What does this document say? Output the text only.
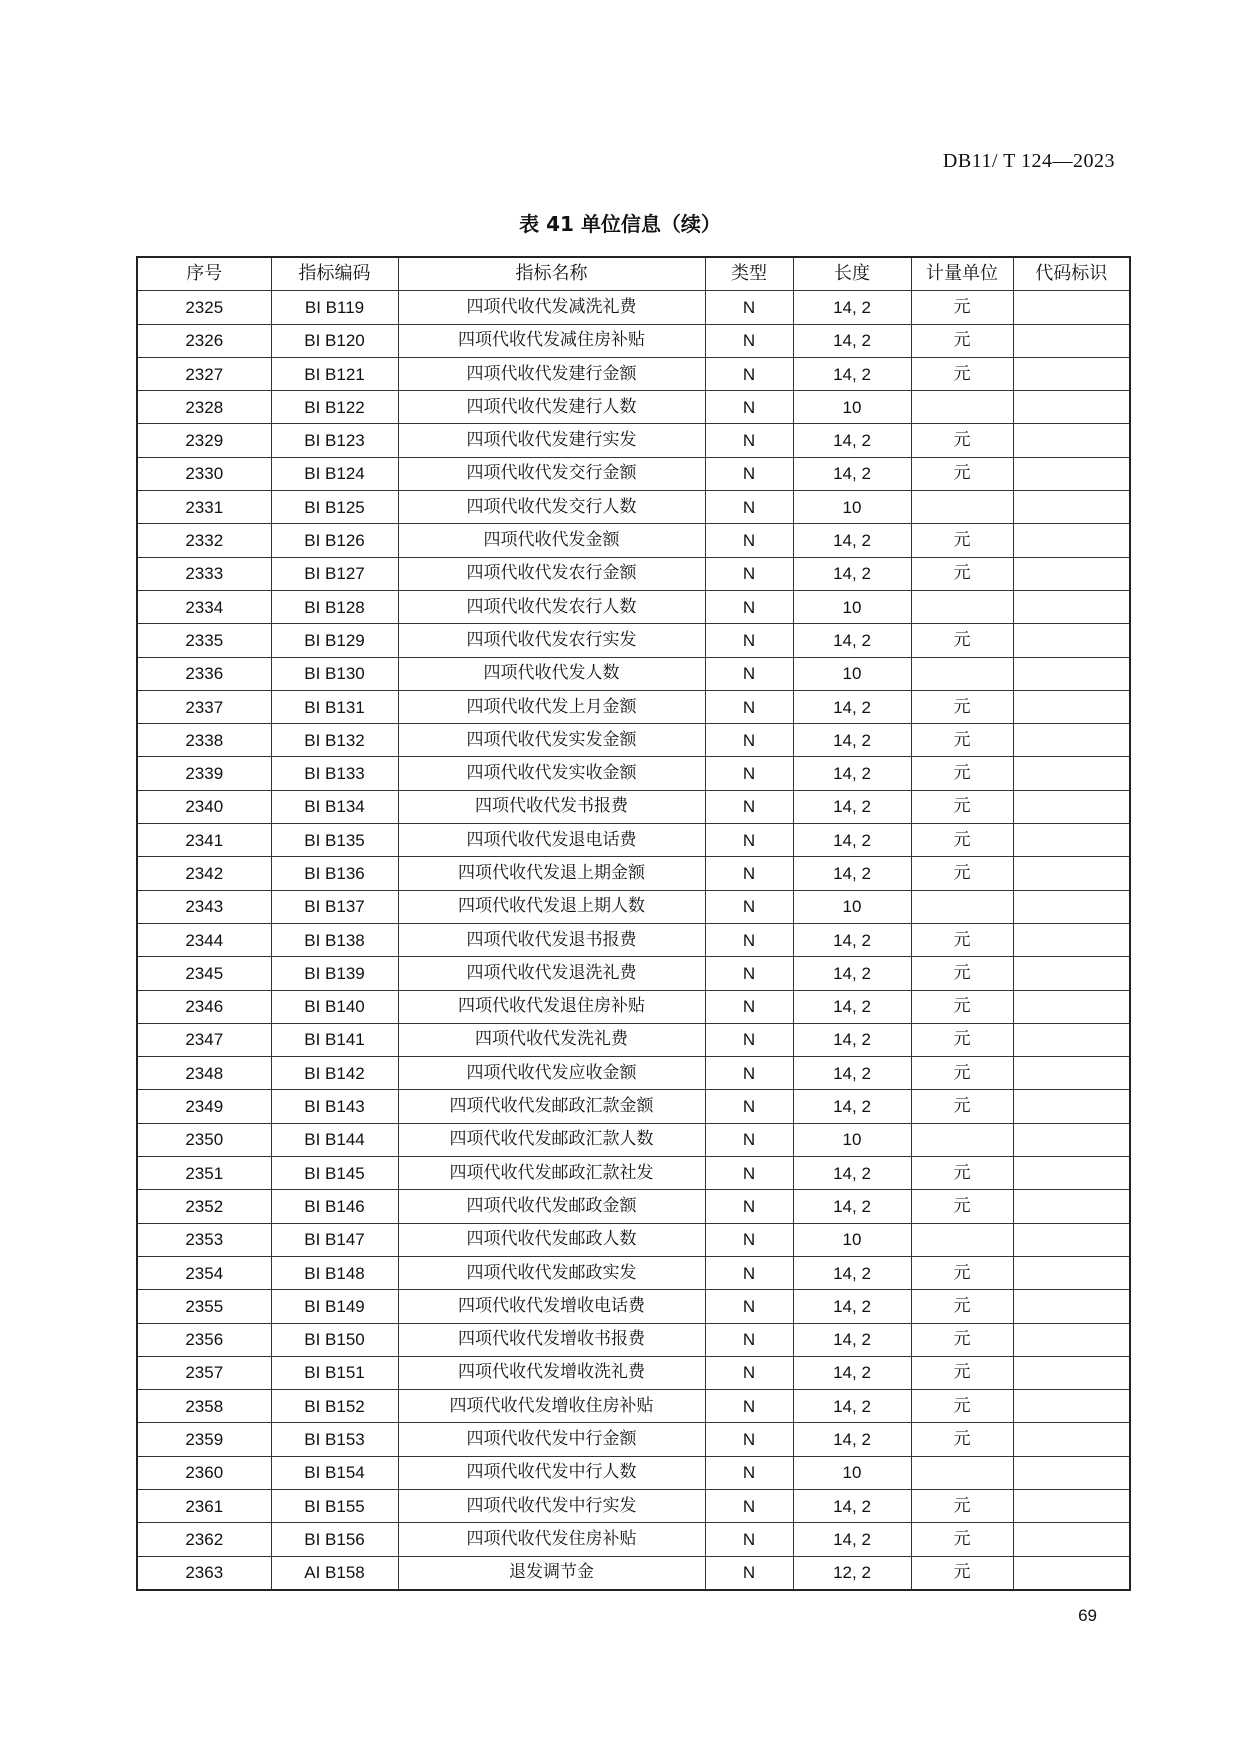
DB11/ T 124—2023
表 41 单位信息（续）
序号	指标编码	指标名称	类型	长度	计量单位	代码标识
2325	BI B119	四项代收代发减洗礼费	N	14, 2	元	
2326	BI B120	四项代收代发减住房补贴	N	14, 2	元	
2327	BI B121	四项代收代发建行金额	N	14, 2	元	
2328	BI B122	四项代收代发建行人数	N	10		
2329	BI B123	四项代收代发建行实发	N	14, 2	元	
2330	BI B124	四项代收代发交行金额	N	14, 2	元	
2331	BI B125	四项代收代发交行人数	N	10		
2332	BI B126	四项代收代发金额	N	14, 2	元	
2333	BI B127	四项代收代发农行金额	N	14, 2	元	
2334	BI B128	四项代收代发农行人数	N	10		
2335	BI B129	四项代收代发农行实发	N	14, 2	元	
2336	BI B130	四项代收代发人数	N	10		
2337	BI B131	四项代收代发上月金额	N	14, 2	元	
2338	BI B132	四项代收代发实发金额	N	14, 2	元	
2339	BI B133	四项代收代发实收金额	N	14, 2	元	
2340	BI B134	四项代收代发书报费	N	14, 2	元	
2341	BI B135	四项代收代发退电话费	N	14, 2	元	
2342	BI B136	四项代收代发退上期金额	N	14, 2	元	
2343	BI B137	四项代收代发退上期人数	N	10		
2344	BI B138	四项代收代发退书报费	N	14, 2	元	
2345	BI B139	四项代收代发退洗礼费	N	14, 2	元	
2346	BI B140	四项代收代发退住房补贴	N	14, 2	元	
2347	BI B141	四项代收代发洗礼费	N	14, 2	元	
2348	BI B142	四项代收代发应收金额	N	14, 2	元	
2349	BI B143	四项代收代发邮政汇款金额	N	14, 2	元	
2350	BI B144	四项代收代发邮政汇款人数	N	10		
2351	BI B145	四项代收代发邮政汇款社发	N	14, 2	元	
2352	BI B146	四项代收代发邮政金额	N	14, 2	元	
2353	BI B147	四项代收代发邮政人数	N	10		
2354	BI B148	四项代收代发邮政实发	N	14, 2	元	
2355	BI B149	四项代收代发增收电话费	N	14, 2	元	
2356	BI B150	四项代收代发增收书报费	N	14, 2	元	
2357	BI B151	四项代收代发增收洗礼费	N	14, 2	元	
2358	BI B152	四项代收代发增收住房补贴	N	14, 2	元	
2359	BI B153	四项代收代发中行金额	N	14, 2	元	
2360	BI B154	四项代收代发中行人数	N	10		
2361	BI B155	四项代收代发中行实发	N	14, 2	元	
2362	BI B156	四项代收代发住房补贴	N	14, 2	元	
2363	AI B158	退发调节金	N	12, 2	元	
69
